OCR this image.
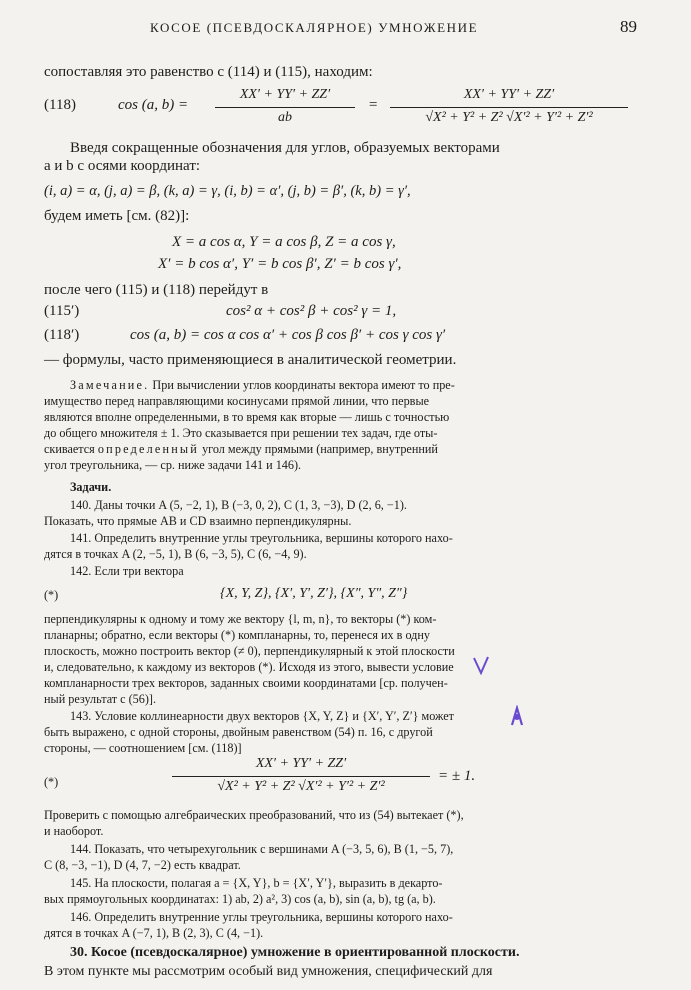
КОСОЕ (ПСЕВДОСКАЛЯРНОЕ) УМНОЖЕНИЕ	89
сопоставляя это равенство с (114) и (115), находим:
(118)	cos (a, b) =
XX′ + YY′ + ZZ′
ab
=
XX′ + YY′ + ZZ′
√X² + Y² + Z² √X′² + Y′² + Z′²
Введя сокращенные обозначения для углов, образуемых векторами
a и b с осями координат:
(i, a) = α, (j, a) = β, (k, a) = γ, (i, b) = α′, (j, b) = β′, (k, b) = γ′,
будем иметь [см. (82)]:
X = a cos α, Y = a cos β, Z = a cos γ,
X′ = b cos α′, Y′ = b cos β′, Z′ = b cos γ′,
после чего (115) и (118) перейдут в
(115′)	cos² α + cos² β + cos² γ = 1,
(118′)	cos (a, b) = cos α cos α′ + cos β cos β′ + cos γ cos γ′
— формулы, часто применяющиеся в аналитической геометрии.
Замечание. При вычислении углов координаты вектора имеют то пре-
имущество перед направляющими косинусами прямой линии, что первые
являются вполне определенными, в то время как вторые — лишь с точностью
до общего множителя ± 1. Это сказывается при решении тех задач, где оты-
скивается определенный угол между прямыми (например, внутренний
угол треугольника, — ср. ниже задачи 141 и 146).
Задачи.
140. Даны точки A (5, −2, 1), B (−3, 0, 2), C (1, 3, −3), D (2, 6, −1).
Показать, что прямые AB и CD взаимно перпендикулярны.
141. Определить внутренние углы треугольника, вершины которого нахо-
дятся в точках A (2, −5, 1), B (6, −3, 5), C (6, −4, 9).
142. Если три вектора
(*)	{X, Y, Z}, {X′, Y′, Z′}, {X″, Y″, Z″}
перпендикулярны к одному и тому же вектору {l, m, n}, то векторы (*) ком-
планарны; обратно, если векторы (*) компланарны, то, перенеся их в одну
плоскость, можно построить вектор (≠ 0), перпендикулярный к этой плоскости
и, следовательно, к каждому из векторов (*). Исходя из этого, вывести условие
компланарности трех векторов, заданных своими координатами [ср. получен-
ный результат с (56)].
143. Условие коллинеарности двух векторов {X, Y, Z} и {X′, Y′, Z′} может
быть выражено, с одной стороны, двойным равенством (54) п. 16, с другой
стороны, — соотношением [см. (118)]
(*)
XX′ + YY′ + ZZ′
√X² + Y² + Z² √X′² + Y′² + Z′²
= ± 1.
Проверить с помощью алгебраических преобразований, что из (54) вытекает (*),
и наоборот.
144. Показать, что четырехугольник с вершинами A (−3, 5, 6), B (1, −5, 7),
C (8, −3, −1), D (4, 7, −2) есть квадрат.
145. На плоскости, полагая a = {X, Y}, b = {X′, Y′}, выразить в декарто-
вых прямоугольных координатах: 1) ab, 2) a², 3) cos (a, b), sin (a, b), tg (a, b).
146. Определить внутренние углы треугольника, вершины которого нахо-
дятся в точках A (−7, 1), B (2, 3), C (4, −1).
30. Косое (псевдоскалярное) умножение в ориентированной плоскости.
В этом пункте мы рассмотрим особый вид умножения, специфический для
